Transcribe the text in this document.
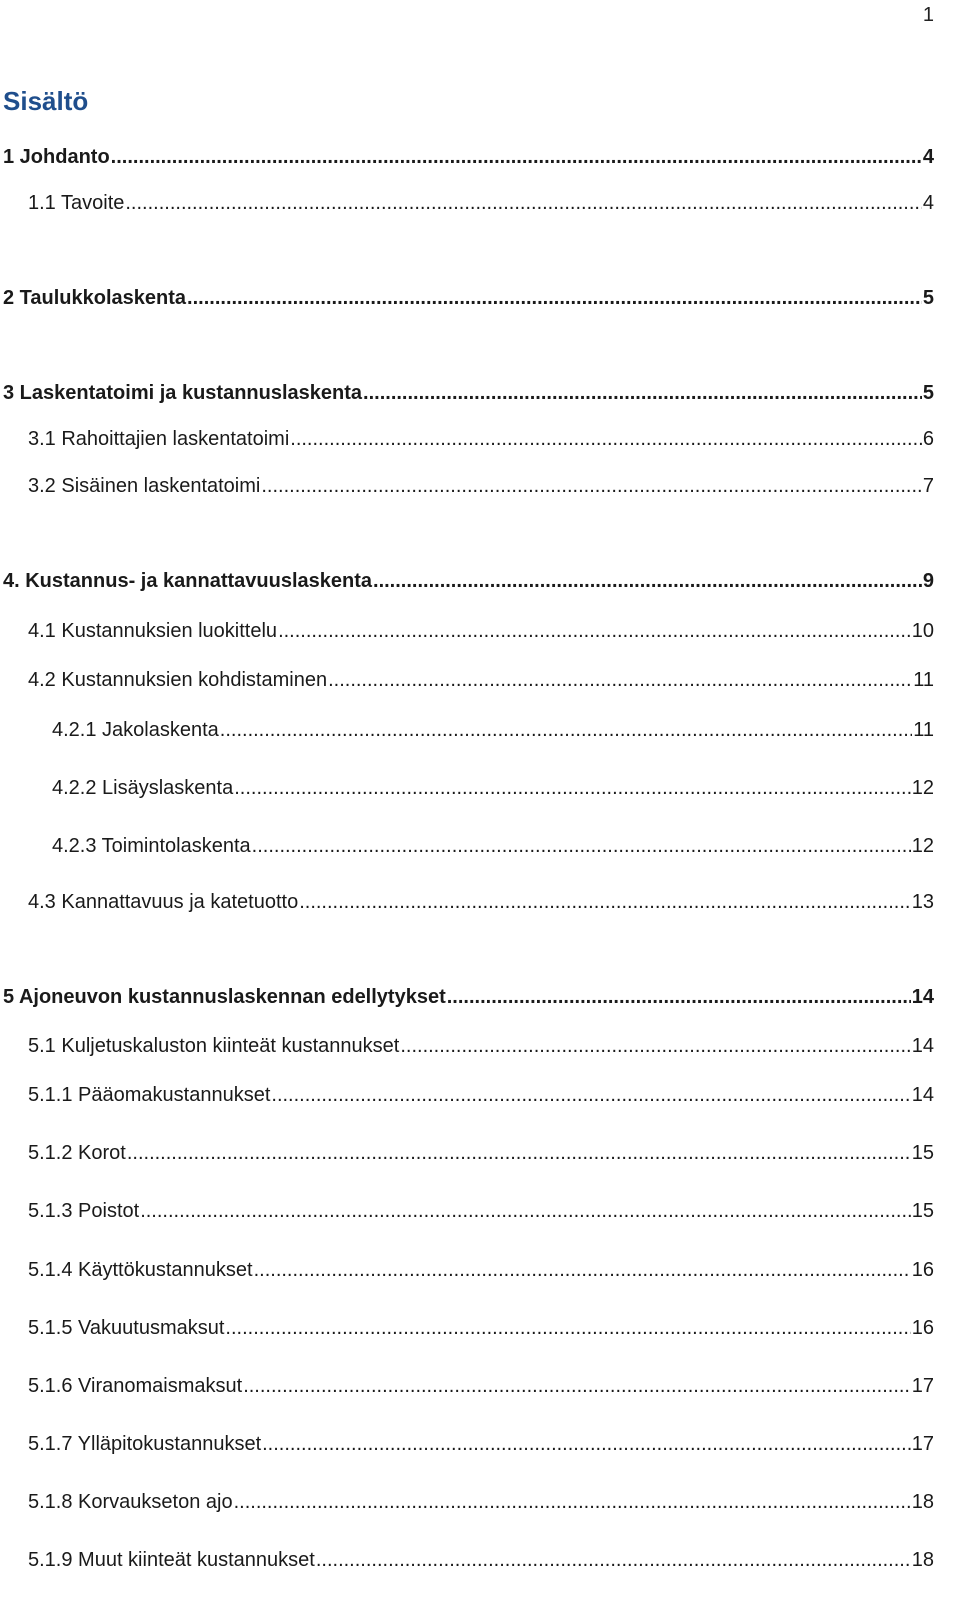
1
Sisältö
1 Johdanto .....	4
1.1 Tavoite .....	4
2 Taulukkolaskenta .....	5
3 Laskentatoimi ja kustannuslaskenta .....	5
3.1 Rahoittajien laskentatoimi .....	6
3.2 Sisäinen laskentatoimi .....	7
4. Kustannus- ja kannattavuuslaskenta .....	9
4.1 Kustannuksien luokittelu .....	10
4.2 Kustannuksien kohdistaminen .....	11
4.2.1 Jakolaskenta .....	11
4.2.2 Lisäyslaskenta .....	12
4.2.3 Toimintolaskenta .....	12
4.3 Kannattavuus ja katetuotto .....	13
5 Ajoneuvon kustannuslaskennan edellytykset .....	14
5.1 Kuljetuskaluston kiinteät kustannukset .....	14
5.1.1 Pääomakustannukset .....	14
5.1.2 Korot .....	15
5.1.3 Poistot .....	15
5.1.4 Käyttökustannukset .....	16
5.1.5 Vakuutusmaksut .....	16
5.1.6 Viranomaismaksut .....	17
5.1.7 Ylläpitokustannukset .....	17
5.1.8 Korvaukseton ajo .....	18
5.1.9 Muut kiinteät kustannukset .....	18
